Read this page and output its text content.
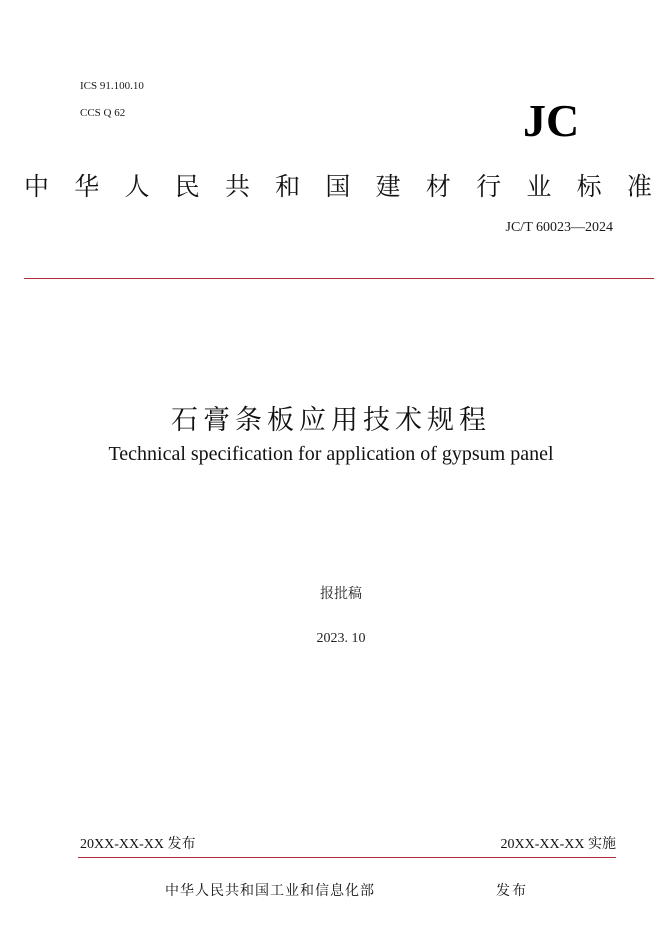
ICS 91.100.10
CCS Q 62	JC
中 华 人 民 共 和 国 建 材 行 业 标 准
JC/T 60023—2024
石膏条板应用技术规程
Technical specification for application of gypsum panel
报批稿
2023. 10
20XX-XX-XX 发布	20XX-XX-XX 实施
中华人民共和国工业和信息化部	发布
